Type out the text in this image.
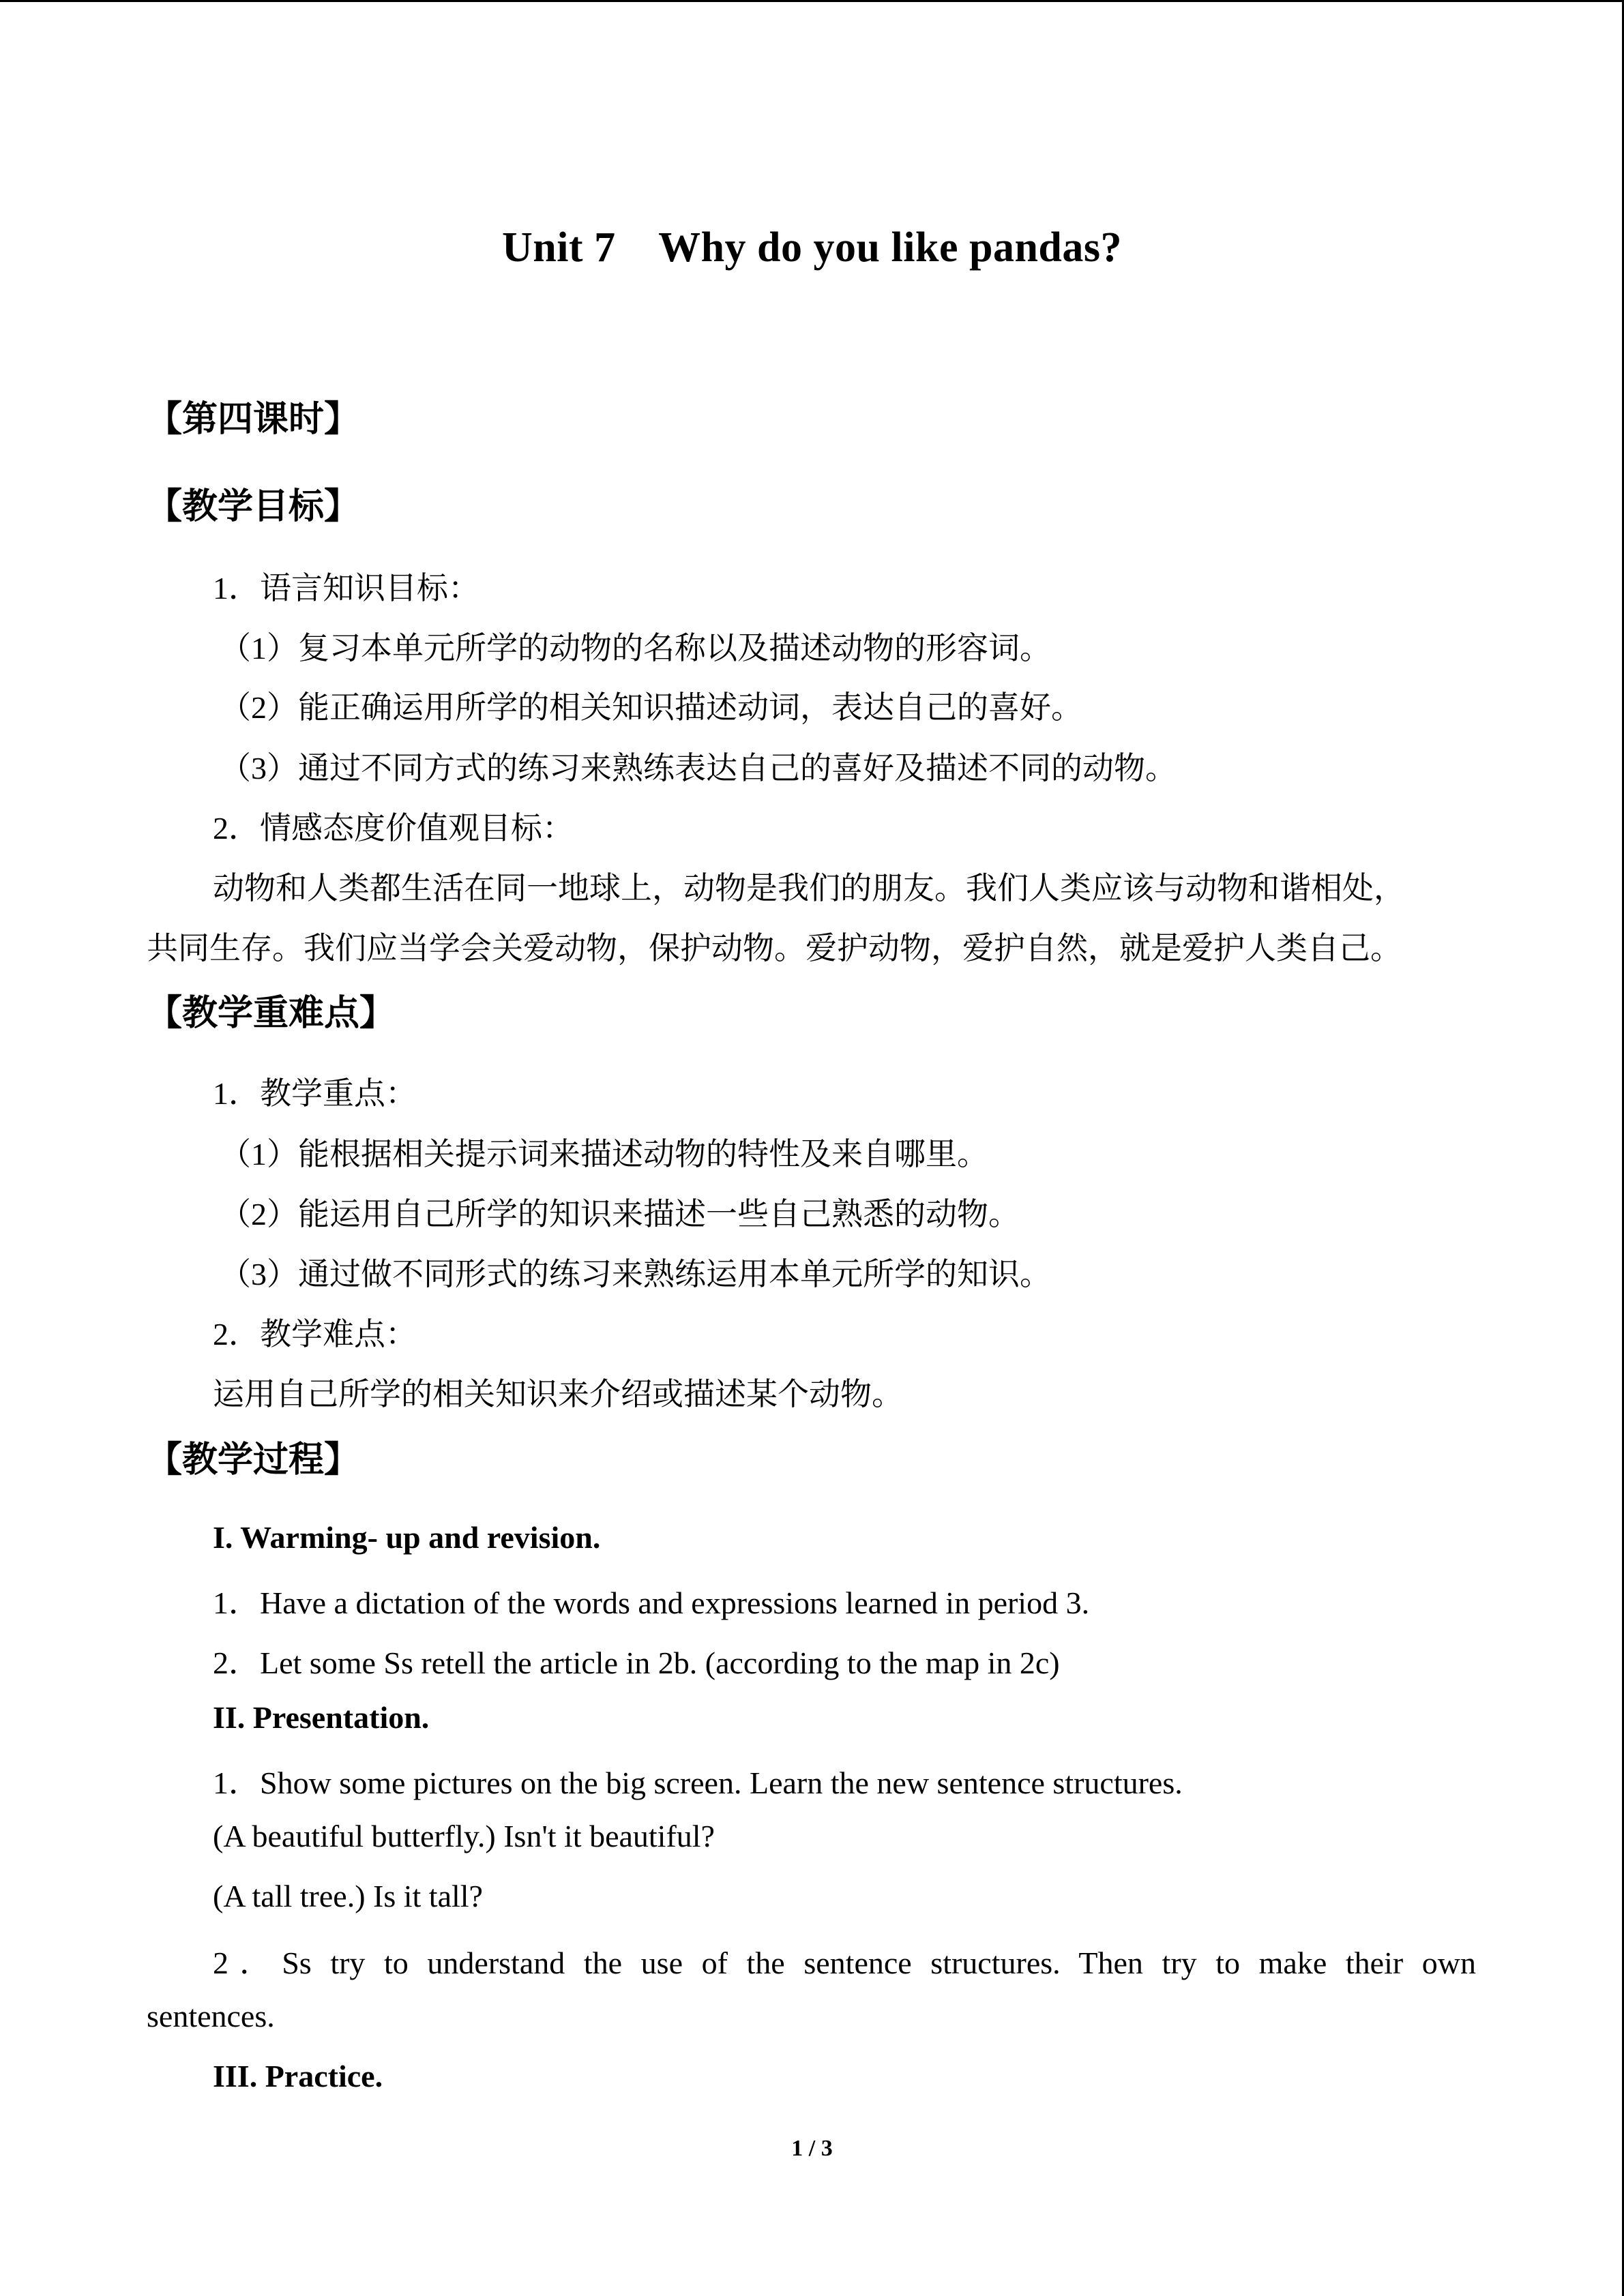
Unit 7　Why do you like pandas?
【第四课时】
【教学目标】
1．语言知识目标：
（1）复习本单元所学的动物的名称以及描述动物的形容词。
（2）能正确运用所学的相关知识描述动词，表达自己的喜好。
（3）通过不同方式的练习来熟练表达自己的喜好及描述不同的动物。
2．情感态度价值观目标：
动物和人类都生活在同一地球上，动物是我们的朋友。我们人类应该与动物和谐相处，
共同生存。我们应当学会关爱动物，保护动物。爱护动物，爱护自然，就是爱护人类自己。
【教学重难点】
1．教学重点：
（1）能根据相关提示词来描述动物的特性及来自哪里。
（2）能运用自己所学的知识来描述一些自己熟悉的动物。
（3）通过做不同形式的练习来熟练运用本单元所学的知识。
2．教学难点：
运用自己所学的相关知识来介绍或描述某个动物。
【教学过程】
I. Warming- up and revision.
1．Have a dictation of the words and expressions learned in period 3.
2．Let some Ss retell the article in 2b. (according to the map in 2c)
II. Presentation.
1．Show some pictures on the big screen. Learn the new sentence structures.
(A beautiful butterfly.) Isn't it beautiful?
(A tall tree.) Is it tall?
2．Ss try to understand the use of the sentence structures. Then try to make their own
sentences.
III. Practice.
1 / 3
